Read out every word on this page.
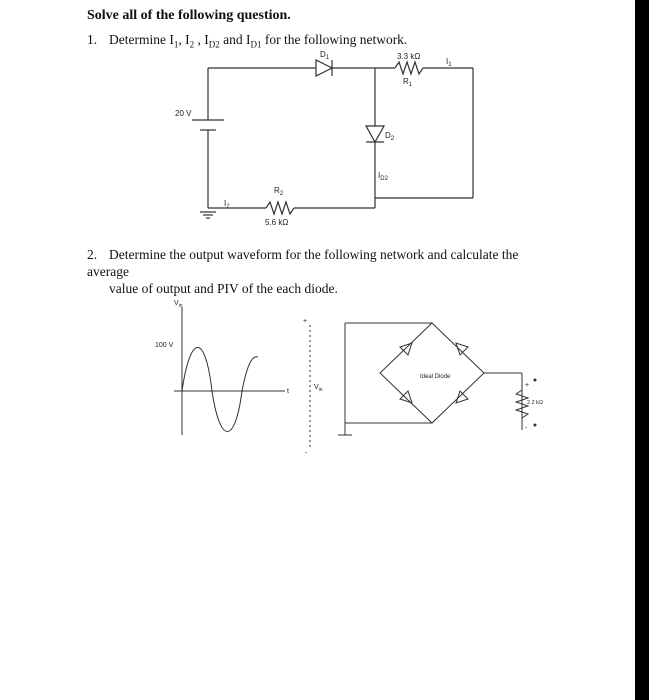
Solve all of the following question.
1. Determine $I_1$, $I_2$ , $I_{D2}$ and $I_{D1}$ for the following network.
20 V
$D_1$	3.3 kΩ
$R_1$
$I_1$
$D_2$
$I_{D2}$
$R_2$
5.6 kΩ
$I_2$
2. Determine the output waveform for the following network and calculate the average
value of output and PIV of the each diode.
$V_{in}$
100 V
t
+
$V_{in}$
-
Ideal Diode
2.2 kΩ
+
-
